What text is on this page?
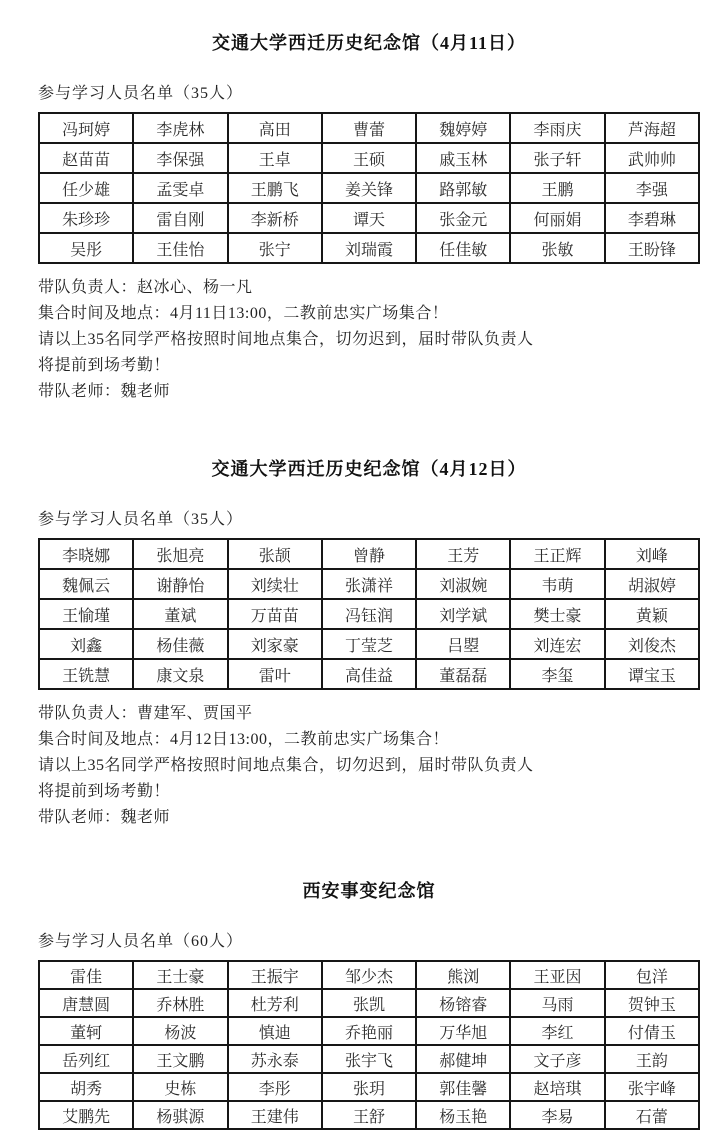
交通大学西迁历史纪念馆（4月11日）
参与学习人员名单（35人）
冯珂婷	李虎林	高田	曹蕾	魏婷婷	李雨庆	芦海超
赵苗苗	李保强	王卓	王硕	戚玉林	张子轩	武帅帅
任少雄	孟雯卓	王鹏飞	姜关锋	路郭敏	王鹏	李强
朱珍珍	雷自刚	李新桥	谭天	张金元	何丽娟	李碧琳
吴彤	王佳怡	张宁	刘瑞霞	任佳敏	张敏	王盼锋
带队负责人：赵冰心、杨一凡
集合时间及地点：4月11日13:00，二教前忠实广场集合！
请以上35名同学严格按照时间地点集合，切勿迟到，届时带队负责人
将提前到场考勤！
带队老师：魏老师
交通大学西迁历史纪念馆（4月12日）
参与学习人员名单（35人）
李晓娜	张旭亮	张颉	曾静	王芳	王正辉	刘峰
魏佩云	谢静怡	刘续壮	张潇祥	刘淑婉	韦萌	胡淑婷
王愉瑾	董斌	万苗苗	冯钰润	刘学斌	樊士豪	黄颖
刘鑫	杨佳薇	刘家豪	丁莹芝	吕曌	刘连宏	刘俊杰
王铣慧	康文泉	雷叶	高佳益	董磊磊	李玺	谭宝玉
带队负责人：曹建军、贾国平
集合时间及地点：4月12日13:00，二教前忠实广场集合！
请以上35名同学严格按照时间地点集合，切勿迟到，届时带队负责人
将提前到场考勤！
带队老师：魏老师
西安事变纪念馆
参与学习人员名单（60人）
雷佳	王士豪	王振宇	邹少杰	熊浏	王亚因	包洋
唐慧圆	乔林胜	杜芳利	张凯	杨镕睿	马雨	贺钟玉
董轲	杨波	慎迪	乔艳丽	万华旭	李红	付倩玉
岳列红	王文鹏	苏永泰	张宇飞	郝健坤	文子彦	王韵
胡秀	史栋	李彤	张玥	郭佳馨	赵培琪	张宇峰
艾鹏先	杨骐源	王建伟	王舒	杨玉艳	李易	石蕾
